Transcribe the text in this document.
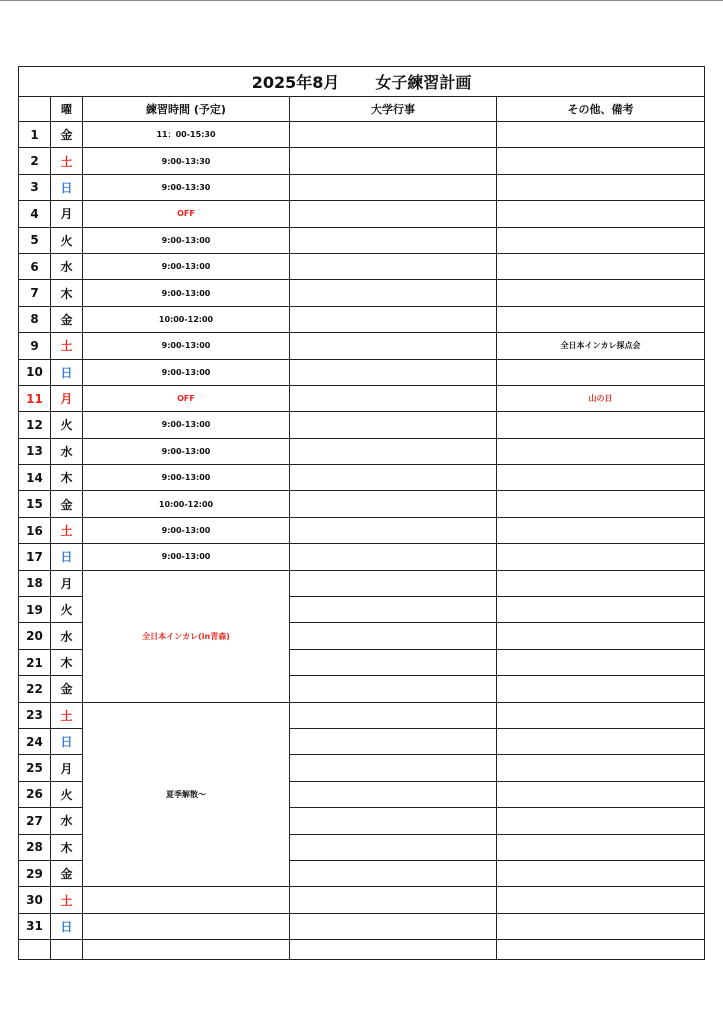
2025年8月 女子練習計画				
	曜	練習時間 (予定)	大学行事	その他、備考
1	金	11：00-15:30		
2	土	9:00-13:30		
3	日	9:00-13:30		
4	月	OFF		
5	火	9:00-13:00		
6	水	9:00-13:00		
7	木	9:00-13:00		
8	金	10:00-12:00		
9	土	9:00-13:00		全日本インカレ採点会
10	日	9:00-13:00		
11	月	OFF		山の日
12	火	9:00-13:00		
13	水	9:00-13:00		
14	木	9:00-13:00		
15	金	10:00-12:00		
16	土	9:00-13:00		
17	日	9:00-13:00		
18	月	全日本インカレ(in青森)		
19	火			
20	水			
21	木			
22	金			
23	土	夏季解散～		
24	日			
25	月			
26	火			
27	水			
28	木			
29	金			
30	土			
31	日			
